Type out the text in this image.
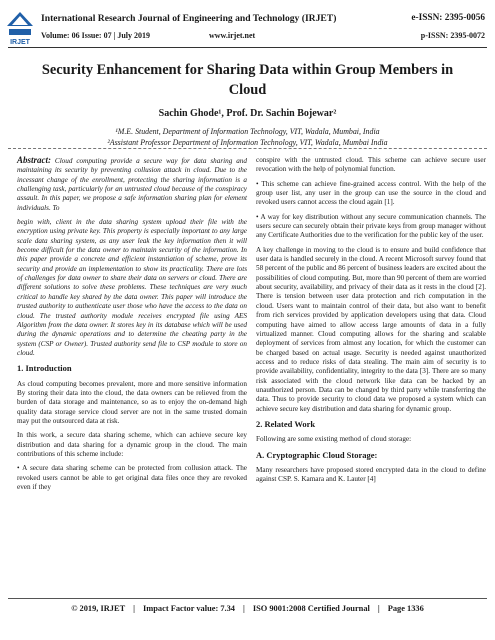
IRJET
International Research Journal of Engineering and Technology (IRJET)	e-ISSN: 2395-0056
Volume: 06 Issue: 07 | July 2019	www.irjet.net	p-ISSN: 2395-0072
Security Enhancement for Sharing Data within Group Members in Cloud
Sachin Ghode¹, Prof. Dr. Sachin Bojewar²
¹M.E. Student, Department of Information Technology, VIT, Wadala, Mumbai, India
²Assistant Professor Department of Information Technology, VIT, Wadala, Mumbai India

Abstract: Cloud computing provide a secure way for data sharing and maintaining its security by preventing collusion attack in cloud. Due to the incessant change of the enrollment, protecting the sharing information is a challenging task, particularly for an untrusted cloud because of the conspiracy assault. In this paper, we propose a safe information sharing plan for element individuals. To

begin with, client in the data sharing system upload their file with the encryption using private key. This property is especially important to any large scale data sharing system, as any user leak the key information then it will become difficult for the data owner to maintain security of the information. In this paper provide a concrete and efficient instantiation of scheme, prove its security and provide an implementation to show its practicality. There are lots of challenges for data owner to share their data on servers or cloud. There are different solutions to solve these problems. These techniques are very much critical to handle key shared by the data owner. This paper will introduce the trusted authority to authenticate user those who have the access to the data on cloud. The trusted authority module receives encrypted file using AES Algorithm from the data owner. It stores key in its database which will be used during the dynamic operations and to determine the cheating party in the system (CSP or Owner). Trusted authority send file to CSP module to store on cloud.

1. Introduction

As cloud computing becomes prevalent, more and more sensitive information By storing their data into the cloud, the data owners can be relieved from the burden of data storage and maintenance, so as to enjoy the on-demand high quality data storage service cloud server are not in the same trusted domain may put the outsourced data at risk.

In this work, a secure data sharing scheme, which can achieve secure key distribution and data sharing for a dynamic group in the cloud. The main contributions of this scheme include:

• A secure data sharing scheme can be protected from collusion attack. The revoked users cannot be able to get original data files once they are revoked even if they

conspire with the untrusted cloud. This scheme can achieve secure user revocation with the help of polynomial function.

• This scheme can achieve fine-grained access control. With the help of the group user list, any user in the group can use the source in the cloud and revoked users cannot access the cloud again [1].

• A way for key distribution without any secure communication channels. The users secure can securely obtain their private keys from group manager without any Certificate Authorities due to the verification for the public key of the user.

A key challenge in moving to the cloud is to ensure and build confidence that user data is handled securely in the cloud. A recent Microsoft survey found that 58 percent of the public and 86 percent of business leaders are excited about the possibilities of cloud computing. But, more than 90 percent of them are worried about security, availability, and privacy of their data as it rests in the cloud [2]. There is tension between user data protection and rich computation in the cloud. Users want to maintain control of their data, but also want to benefit from rich services provided by application developers using that data. Cloud computing have aimed to allow access large amounts of data in a fully virtualized manner. Cloud computing allows for the sharing and scalable deployment of services from almost any location, for which the customer can be charged based on actual usage. Security is needed against unauthorized access and to reduce risks of data stealing. The main aim of security is to provide availability, confidentiality, integrity to the data [3]. There are so many risk associated with the cloud network like data can be hacked by an unauthorized person. Data can be changed by third party while transferring the data. Thus to provide security to cloud data we proposed a system which can achieve secure key distribution and data sharing for dynamic group.

2. Related Work

Following are some existing method of cloud storage:

A. Cryptographic Cloud Storage:

Many researchers have proposed stored encrypted data in the cloud to define against CSP. S. Kamara and K. Lauter [4]

© 2019, IRJET | Impact Factor value: 7.34 | ISO 9001:2008 Certified Journal | Page 1336
